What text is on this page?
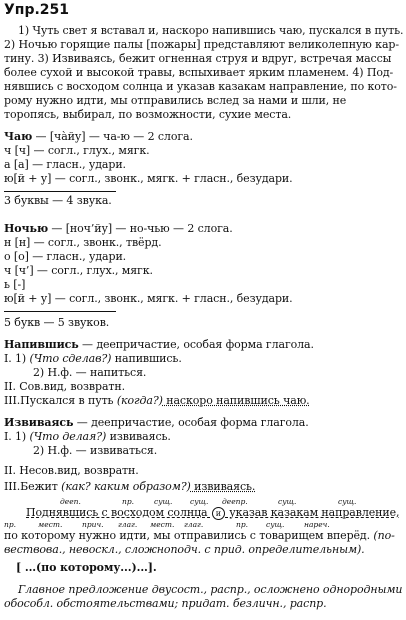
Упр.251
1) Чуть свет я вставал и, наскоро напившись чаю, пускался в путь.
2) Ночью горящие палы [пожары] представляют великолепную кар-
тину. 3) Извиваясь, бежит огненная струя и вдруг, встречая массы
более сухой и высокой травы, вспыхивает ярким пламенем. 4) Под-
нявшись с восходом солнца и указав казакам направление, по кото-
рому нужно идти, мы отправились вслед за нами и шли, не
торопясь, выбирал, по возможности, сухие места.
Чаю — [ча̀йу] — ча-ю — 2 слога.
ч [ч] — согл., глух., мягк.
а [а] — гласн., удари.
ю[й + у] — согл., звонк., мягк. + гласн., безудари.
3 буквы — 4 звука.
Ночью — [ноч’йу] — но-чью — 2 слога.
н [н] — согл., звонк., твёрд.
о [о] — гласн., удари.
ч [ч’] — согл., глух., мягк.
ь [-]
ю[й + у] — согл., звонк., мягк. + гласн., безудари.
5 букв — 5 звуков.
Напившись — деепричастие, особая форма глагола.
I. 1) (Что сделав?) напившись.
2) Н.ф. — напиться.
II. Сов.вид, возвратн.
III.Пускался в путь (когда?) наскоро напившись чаю.
Извиваясь — деепричастие, особая форма глагола.
I. 1) (Что делая?) извиваясь.
2) Н.ф. — извиваться.
II. Несов.вид, возвратн.
III.Бежит (как? каким образом?) извиваясь.
дееп.	пр.	сущ. сущ. деепр.	сущ.	сущ.
Поднявшись с восходом солнца и указав казакам направление,
пр.	мест.	прич. глаг. мест. глаг.	пр. сущ.	нареч.
по которому нужно идти, мы отправились с товарищем вперёд. (по-
вествова., невоскл., сложноподч. с прид. определительным).
[ ...(по которому...)...].
Главное предложение двусост., распр., осложнено однородными
обособл. обстоятельствами; придат. безличн., распр.
